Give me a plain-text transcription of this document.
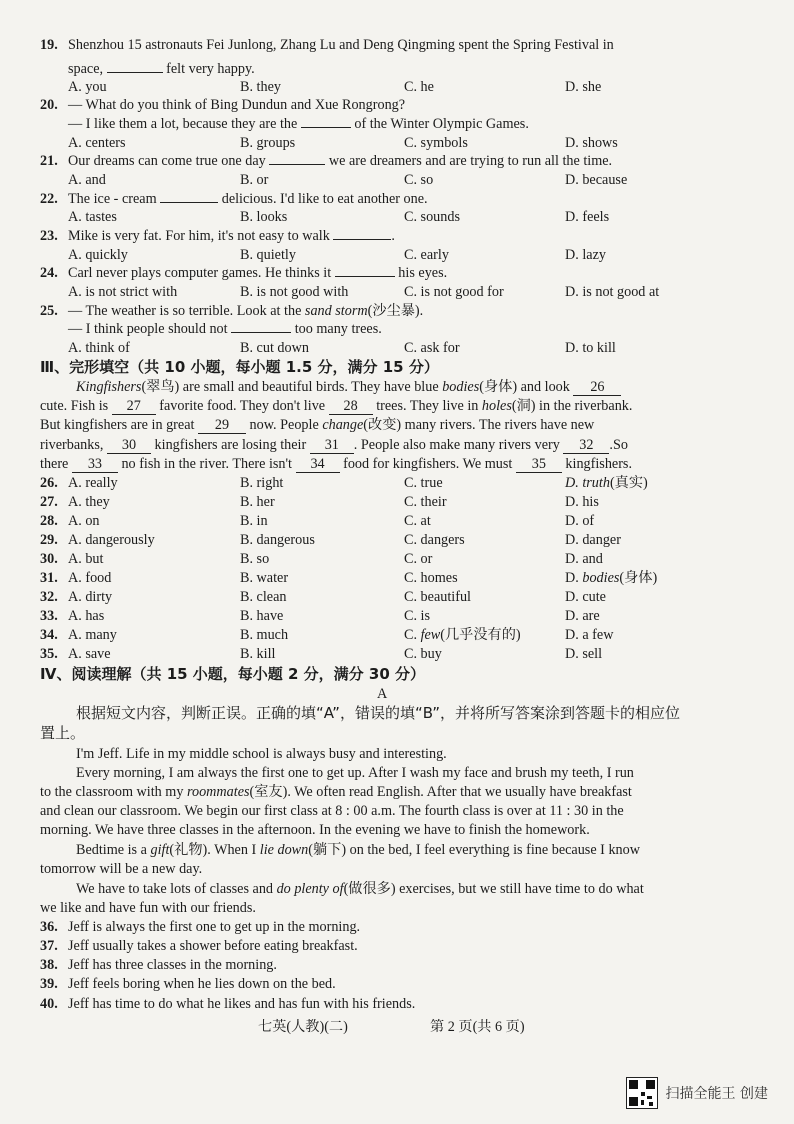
19. Shenzhou 15 astronauts Fei Junlong, Zhang Lu and Deng Qingming spent the Spring Festival in
space,	felt very happy.
A. you	B. they	C. he	D. she
20. — What do you think of Bing Dundun and Xue Rongrong?
— I like them a lot, because they are the	of the Winter Olympic Games.
A. centers	B. groups	C. symbols	D. shows
21. Our dreams can come true one day	we are dreamers and are trying to run all the time.
A. and	B. or	C. so	D. because
22. The ice - cream	delicious. I'd like to eat another one.
A. tastes	B. looks	C. sounds	D. feels
23. Mike is very fat. For him, it's not easy to walk	.
A. quickly	B. quietly	C. early	D. lazy
24. Carl never plays computer games. He thinks it	his eyes.
A. is not strict with	B. is not good with	C. is not good for	D. is not good at
25. — The weather is so terrible. Look at the sand storm(沙尘暴).
— I think people should not	too many trees.
A. think of	B. cut down	C. ask for	D. to kill
Ⅲ、完形填空（共 10 小题，每小题 1.5 分，满分 15 分）
Kingfishers(翠鸟) are small and beautiful birds. They have blue bodies(身体) and look 26
cute. Fish is 27 favorite food. They don't live 28 trees. They live in holes(洞) in the riverbank.
But kingfishers are in great 29 now. People change(改变) many rivers. The rivers have new
riverbanks, 30 kingfishers are losing their 31 . People also make many rivers very 32 .So
there 33 no fish in the river. There isn't 34 food for kingfishers. We must 35 kingfishers.
26. A. really	B. right	C. true	D. truth(真实)
27. A. they	B. her	C. their	D. his
28. A. on	B. in	C. at	D. of
29. A. dangerously	B. dangerous	C. dangers	D. danger
30. A. but	B. so	C. or	D. and
31. A. food	B. water	C. homes	D. bodies(身体)
32. A. dirty	B. clean	C. beautiful	D. cute
33. A. has	B. have	C. is	D. are
34. A. many	B. much	C. few(几乎没有的)	D. a few
35. A. save	B. kill	C. buy	D. sell
Ⅳ、阅读理解（共 15 小题，每小题 2 分，满分 30 分）
A
根据短文内容，判断正误。正确的填“A”，错误的填“B”，并将所写答案涂到答题卡的相应位
置上。
I'm Jeff. Life in my middle school is always busy and interesting.
Every morning, I am always the first one to get up. After I wash my face and brush my teeth, I run
to the classroom with my roommates(室友). We often read English. After that we usually have breakfast
and clean our classroom. We begin our first class at 8 : 00 a.m. The fourth class is over at 11 : 30 in the
morning. We have three classes in the afternoon. In the evening we have to finish the homework.
Bedtime is a gift(礼物). When I lie down(躺下) on the bed, I feel everything is fine because I know
tomorrow will be a new day.
We have to take lots of classes and do plenty of(做很多) exercises, but we still have time to do what
we like and have fun with our friends.
36. Jeff is always the first one to get up in the morning.
37. Jeff usually takes a shower before eating breakfast.
38. Jeff has three classes in the morning.
39. Jeff feels boring when he lies down on the bed.
40. Jeff has time to do what he likes and has fun with his friends.
七英(人教)(二)	第 2 页(共 6 页)
扫描全能王 创建
